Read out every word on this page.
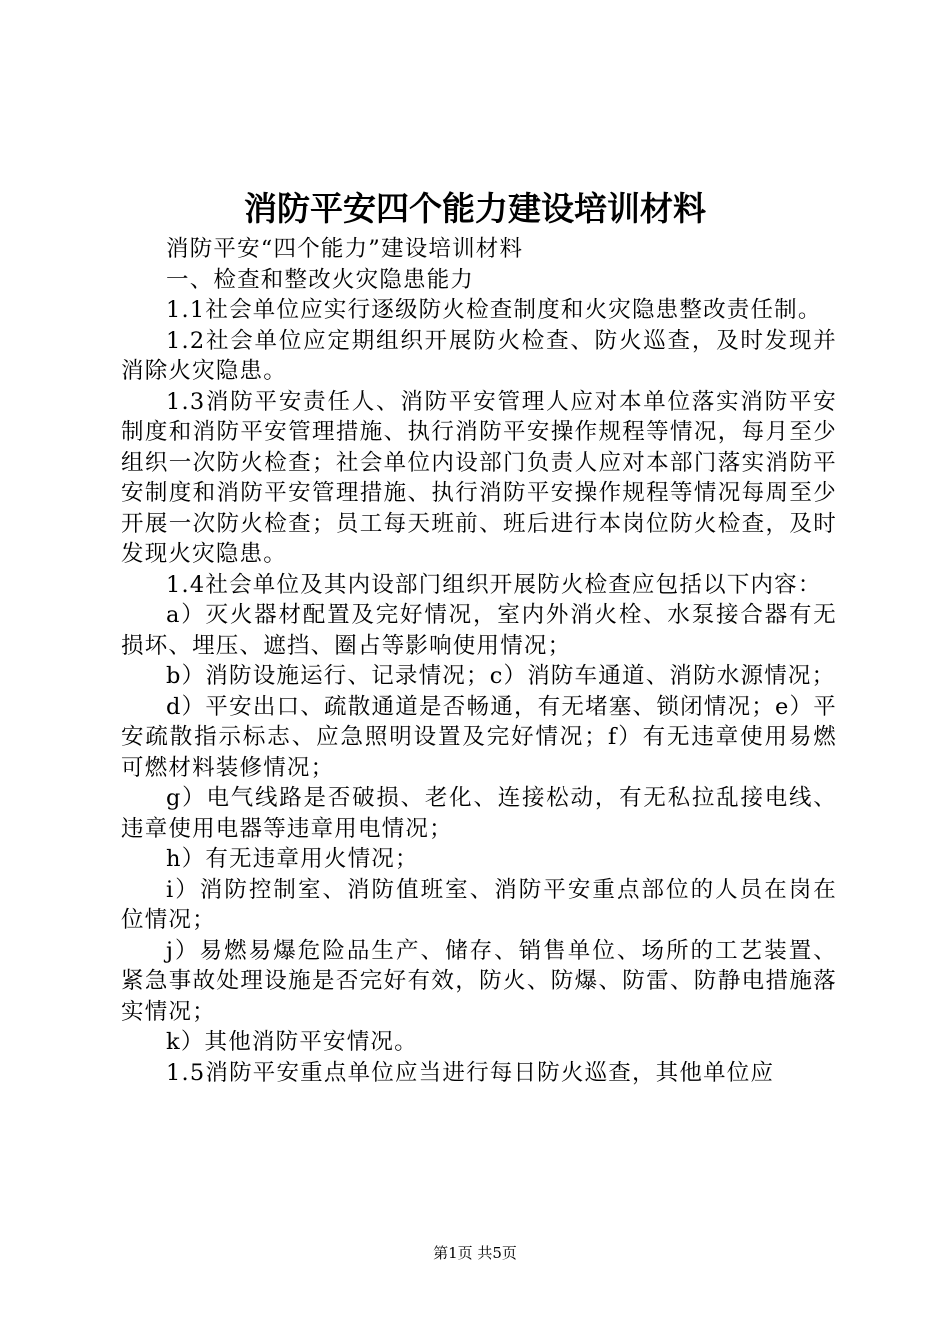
消防平安四个能力建设培训材料

消防平安“四个能力”建设培训材料

一、检查和整改火灾隐患能力

1.1社会单位应实行逐级防火检查制度和火灾隐患整改责任制。

1.2社会单位应定期组织开展防火检查、防火巡查，及时发现并消除火灾隐患。

1.3消防平安责任人、消防平安管理人应对本单位落实消防平安制度和消防平安管理措施、执行消防平安操作规程等情况，每月至少组织一次防火检查；社会单位内设部门负责人应对本部门落实消防平安制度和消防平安管理措施、执行消防平安操作规程等情况每周至少开展一次防火检查；员工每天班前、班后进行本岗位防火检查，及时发现火灾隐患。

1.4社会单位及其内设部门组织开展防火检查应包括以下内容：

a）灭火器材配置及完好情况，室内外消火栓、水泵接合器有无损坏、埋压、遮挡、圈占等影响使用情况；

b）消防设施运行、记录情况；c）消防车通道、消防水源情况；

d）平安出口、疏散通道是否畅通，有无堵塞、锁闭情况；e）平安疏散指示标志、应急照明设置及完好情况；f）有无违章使用易燃可燃材料装修情况；

g）电气线路是否破损、老化、连接松动，有无私拉乱接电线、违章使用电器等违章用电情况；

h）有无违章用火情况；

i）消防控制室、消防值班室、消防平安重点部位的人员在岗在位情况；

j）易燃易爆危险品生产、储存、销售单位、场所的工艺装置、紧急事故处理设施是否完好有效，防火、防爆、防雷、防静电措施落实情况；

k）其他消防平安情况。

1.5消防平安重点单位应当进行每日防火巡查，其他单位应

第1页 共5页
